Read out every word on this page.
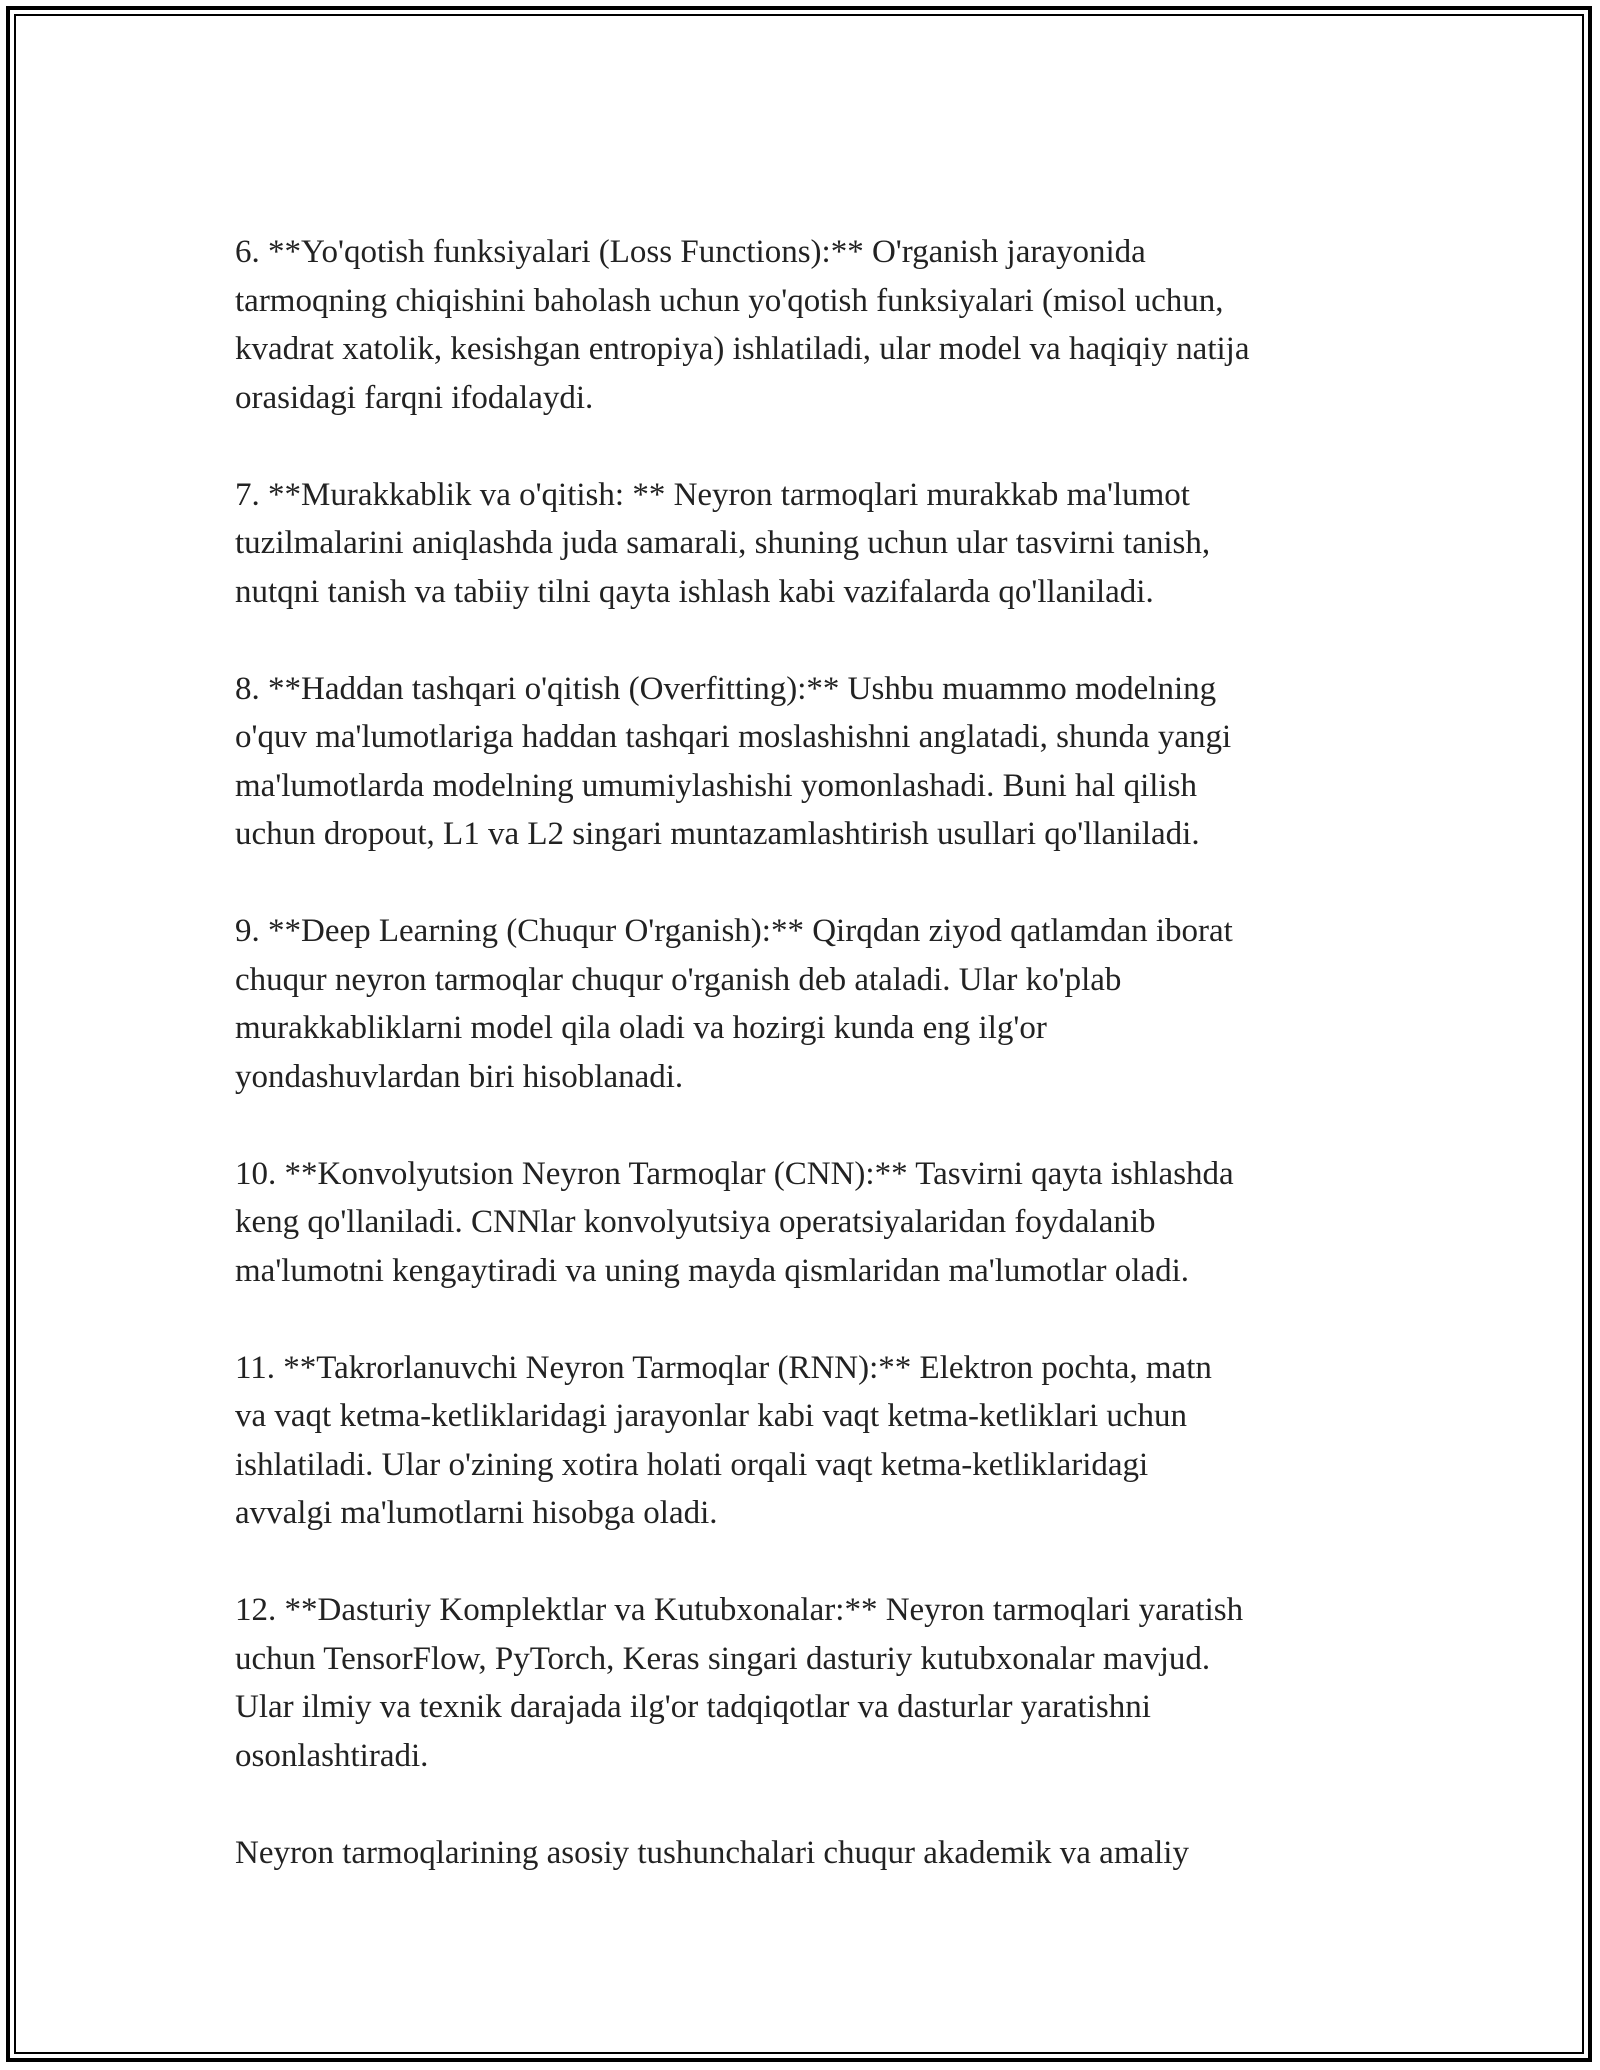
6. **Yo'qotish funksiyalari (Loss Functions):** O'rganish jarayonida
tarmoqning chiqishini baholash uchun yo'qotish funksiyalari (misol uchun,
kvadrat xatolik, kesishgan entropiya) ishlatiladi, ular model va haqiqiy natija
orasidagi farqni ifodalaydi.

7. **Murakkablik va o'qitish: ** Neyron tarmoqlari murakkab ma'lumot
tuzilmalarini aniqlashda juda samarali, shuning uchun ular tasvirni tanish,
nutqni tanish va tabiiy tilni qayta ishlash kabi vazifalarda qo'llaniladi.

8. **Haddan tashqari o'qitish (Overfitting):** Ushbu muammo modelning
o'quv ma'lumotlariga haddan tashqari moslashishni anglatadi, shunda yangi
ma'lumotlarda modelning umumiylashishi yomonlashadi. Buni hal qilish
uchun dropout, L1 va L2 singari muntazamlashtirish usullari qo'llaniladi.

9. **Deep Learning (Chuqur O'rganish):** Qirqdan ziyod qatlamdan iborat
chuqur neyron tarmoqlar chuqur o'rganish deb ataladi. Ular ko'plab
murakkabliklarni model qila oladi va hozirgi kunda eng ilg'or
yondashuvlardan biri hisoblanadi.

10. **Konvolyutsion Neyron Tarmoqlar (CNN):** Tasvirni qayta ishlashda
keng qo'llaniladi. CNNlar konvolyutsiya operatsiyalaridan foydalanib
ma'lumotni kengaytiradi va uning mayda qismlaridan ma'lumotlar oladi.

11. **Takrorlanuvchi Neyron Tarmoqlar (RNN):** Elektron pochta, matn
va vaqt ketma-ketliklaridagi jarayonlar kabi vaqt ketma-ketliklari uchun
ishlatiladi. Ular o'zining xotira holati orqali vaqt ketma-ketliklaridagi
avvalgi ma'lumotlarni hisobga oladi.

12. **Dasturiy Komplektlar va Kutubxonalar:** Neyron tarmoqlari yaratish
uchun TensorFlow, PyTorch, Keras singari dasturiy kutubxonalar mavjud.
Ular ilmiy va texnik darajada ilg'or tadqiqotlar va dasturlar yaratishni
osonlashtiradi.

Neyron tarmoqlarining asosiy tushunchalari chuqur akademik va amaliy
